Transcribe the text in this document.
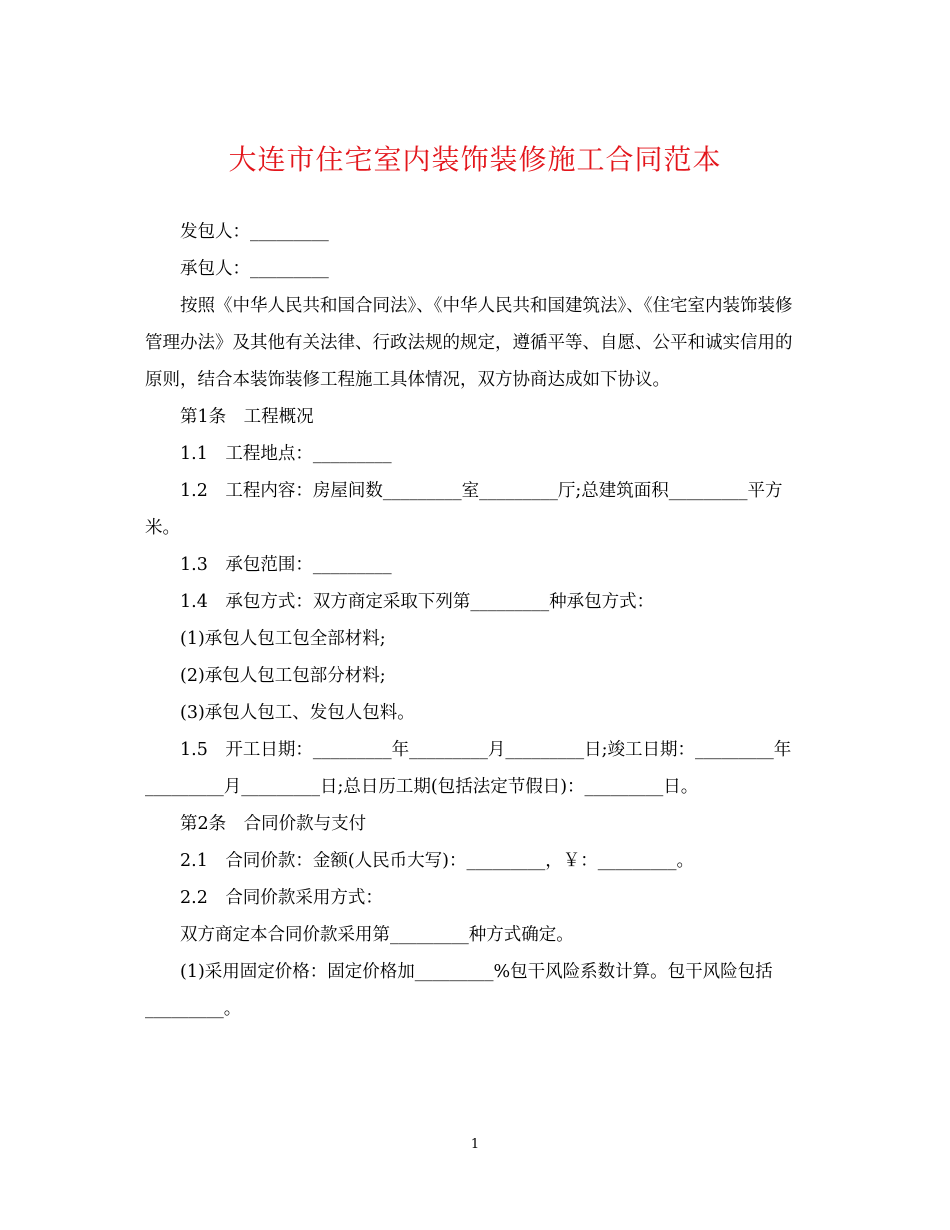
大连市住宅室内装饰装修施工合同范本

发包人：_________

承包人：_________

按照《中华人民共和国合同法》、《中华人民共和国建筑法》、《住宅室内装饰装修管理办法》及其他有关法律、行政法规的规定，遵循平等、自愿、公平和诚实信用的原则，结合本装饰装修工程施工具体情况，双方协商达成如下协议。

第1条　工程概况

1.1　工程地点：_________

1.2　工程内容：房屋间数_________室_________厅;总建筑面积_________平方米。

1.3　承包范围：_________

1.4　承包方式：双方商定采取下列第_________种承包方式：

(1)承包人包工包全部材料;

(2)承包人包工包部分材料;

(3)承包人包工、发包人包料。

1.5　开工日期：_________年_________月_________日;竣工日期：_________年_________月_________日;总日历工期(包括法定节假日)：_________日。

第2条　合同价款与支付

2.1　合同价款：金额(人民币大写)：_________，￥：_________。

2.2　合同价款采用方式：

双方商定本合同价款采用第_________种方式确定。

(1)采用固定价格：固定价格加_________%包干风险系数计算。包干风险包括_________。

1
